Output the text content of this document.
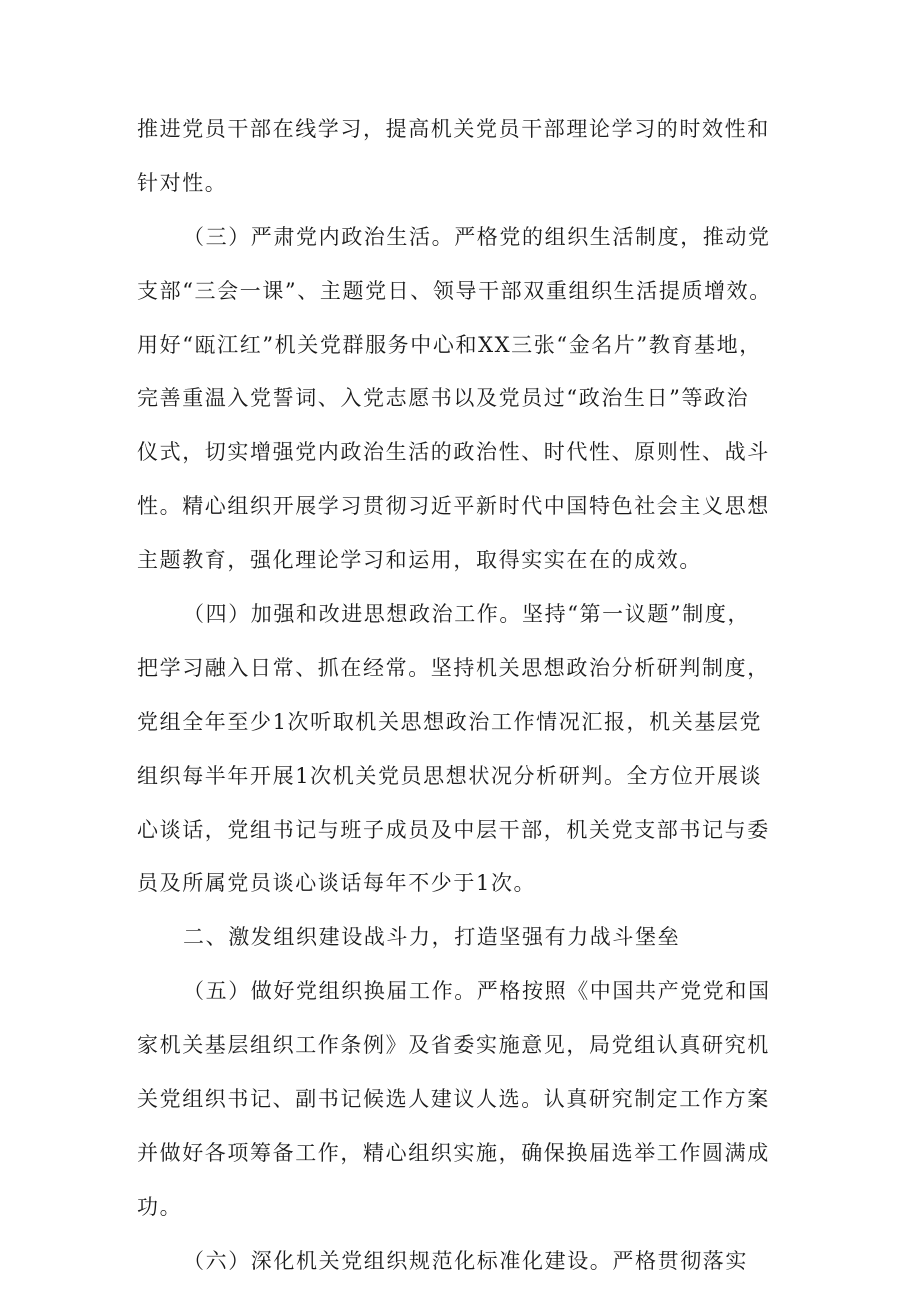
推进党员干部在线学习，提高机关党员干部理论学习的时效性和
针对性。
（三）严肃党内政治生活。严格党的组织生活制度，推动党
支部“三会一课”、主题党日、领导干部双重组织生活提质增效。
用好“瓯江红”机关党群服务中心和XX三张“金名片”教育基地，
完善重温入党誓词、入党志愿书以及党员过“政治生日”等政治
仪式，切实增强党内政治生活的政治性、时代性、原则性、战斗
性。精心组织开展学习贯彻习近平新时代中国特色社会主义思想
主题教育，强化理论学习和运用，取得实实在在的成效。
（四）加强和改进思想政治工作。坚持“第一议题”制度，
把学习融入日常、抓在经常。坚持机关思想政治分析研判制度，
党组全年至少1次听取机关思想政治工作情况汇报，机关基层党
组织每半年开展1次机关党员思想状况分析研判。全方位开展谈
心谈话，党组书记与班子成员及中层干部，机关党支部书记与委
员及所属党员谈心谈话每年不少于1次。
二、激发组织建设战斗力，打造坚强有力战斗堡垒
（五）做好党组织换届工作。严格按照《中国共产党党和国
家机关基层组织工作条例》及省委实施意见，局党组认真研究机
关党组织书记、副书记候选人建议人选。认真研究制定工作方案
并做好各项筹备工作，精心组织实施，确保换届选举工作圆满成
功。
（六）深化机关党组织规范化标准化建设。严格贯彻落实
